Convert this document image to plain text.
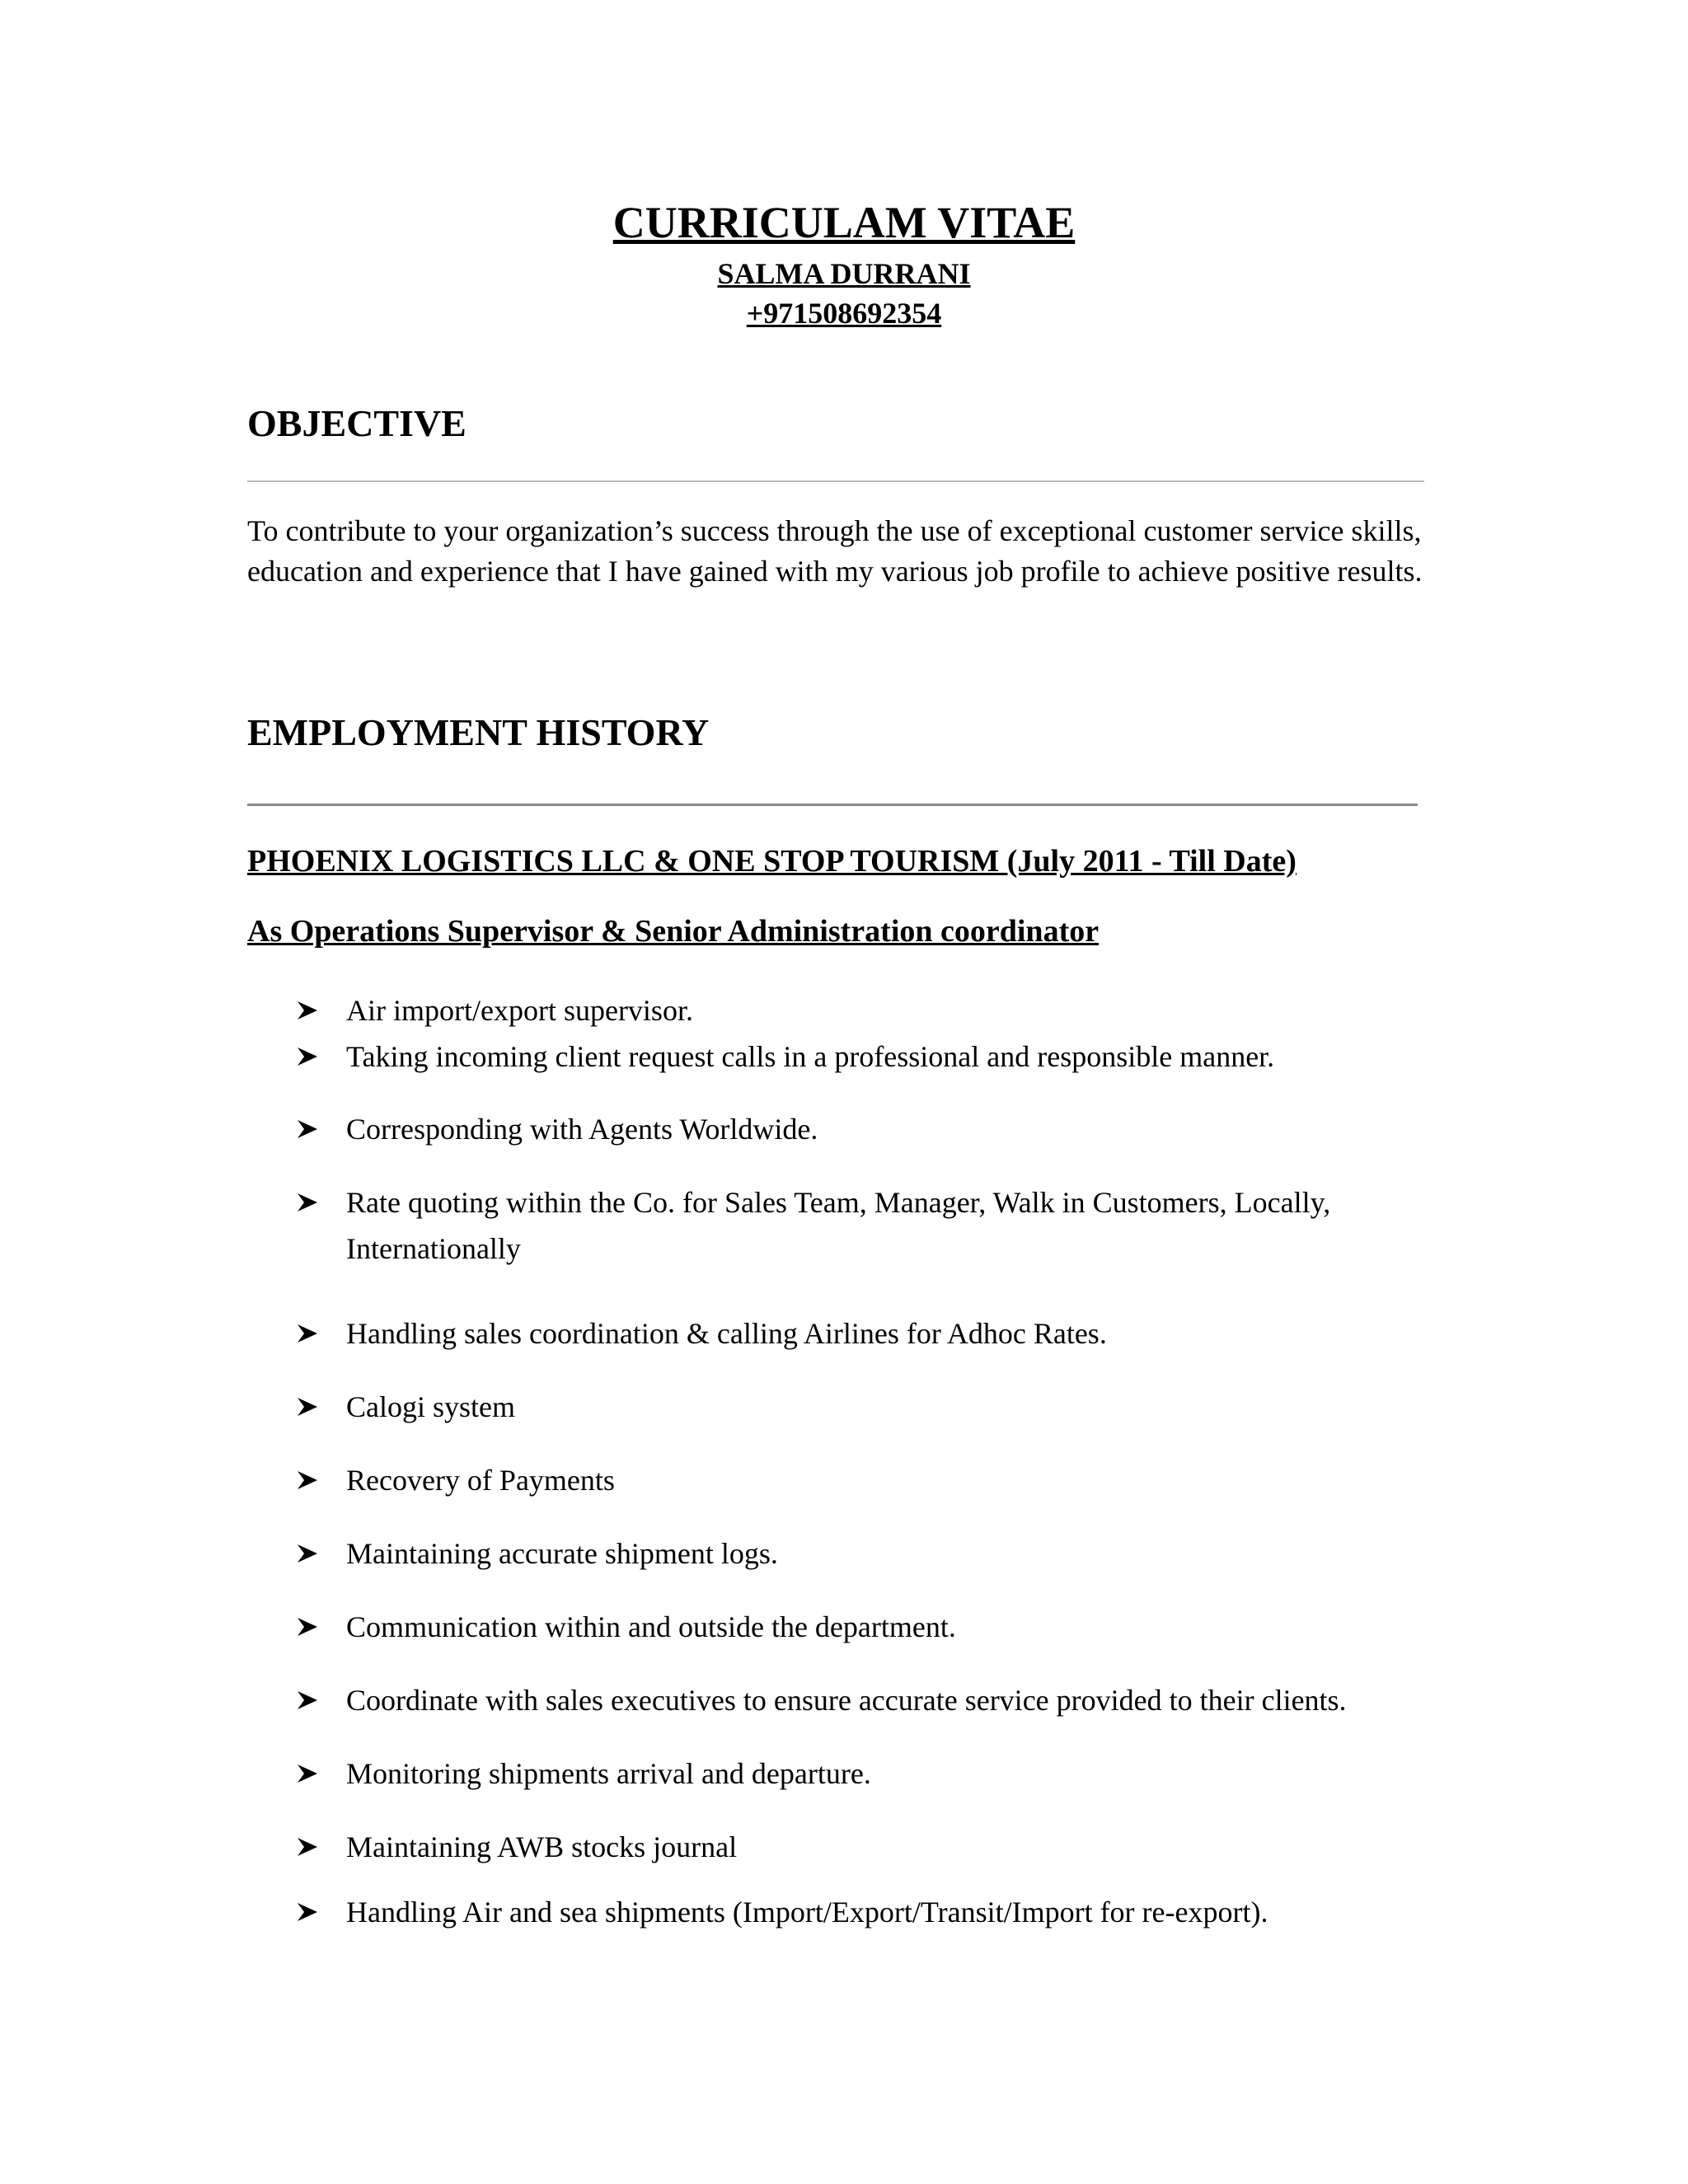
CURRICULAM VITAE
SALMA DURRANI
+971508692354
OBJECTIVE
To contribute to your organization’s success through the use of exceptional customer service skills, education and experience that I have gained with my various job profile to achieve positive results.
EMPLOYMENT HISTORY
PHOENIX LOGISTICS LLC & ONE STOP TOURISM (July 2011 - Till Date)
As Operations Supervisor & Senior Administration coordinator
Air import/export supervisor.
Taking incoming client request calls in a professional and responsible manner.
Corresponding with Agents Worldwide.
Rate quoting within the Co. for Sales Team, Manager, Walk in Customers, Locally, Internationally
Handling sales coordination & calling Airlines for Adhoc Rates.
Calogi system
Recovery of Payments
Maintaining accurate shipment logs.
Communication within and outside the department.
Coordinate with sales executives to ensure accurate service provided to their clients.
Monitoring shipments arrival and departure.
Maintaining AWB stocks journal
Handling Air and sea shipments (Import/Export/Transit/Import for re-export).
